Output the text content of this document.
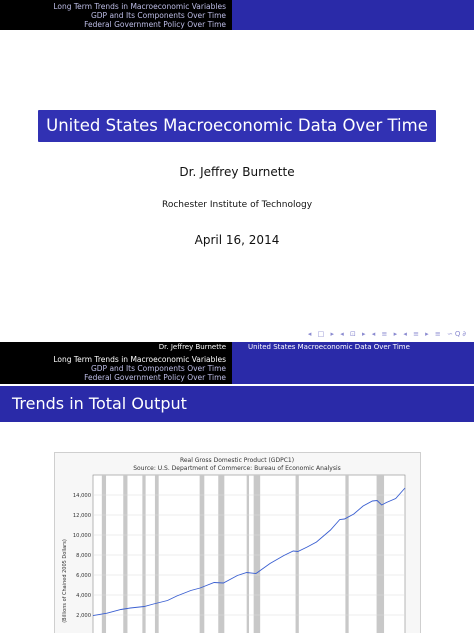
Long Term Trends in Macroeconomic Variables
GDP and Its Components Over Time
Federal Government Policy Over Time
United States Macroeconomic Data Over Time
Dr. Jeffrey Burnette
Rochester Institute of Technology
April 16, 2014
◂ □ ▸ ◂ ⊡ ▸ ◂ ≡ ▸ ◂ ≡ ▸ ≡ ∽Q∂
Dr. Jeffrey Burnette	United States Macroeconomic Data Over Time
Long Term Trends in Macroeconomic Variables
GDP and Its Components Over Time
Federal Government Policy Over Time
Trends in Total Output
Real Gross Domestic Product (GDPC1)
Source: U.S. Department of Commerce: Bureau of Economic Analysis
(Billions of Chained 2005 Dollars)
14,000
12,000
10,000
8,000
6,000
4,000
2,000
